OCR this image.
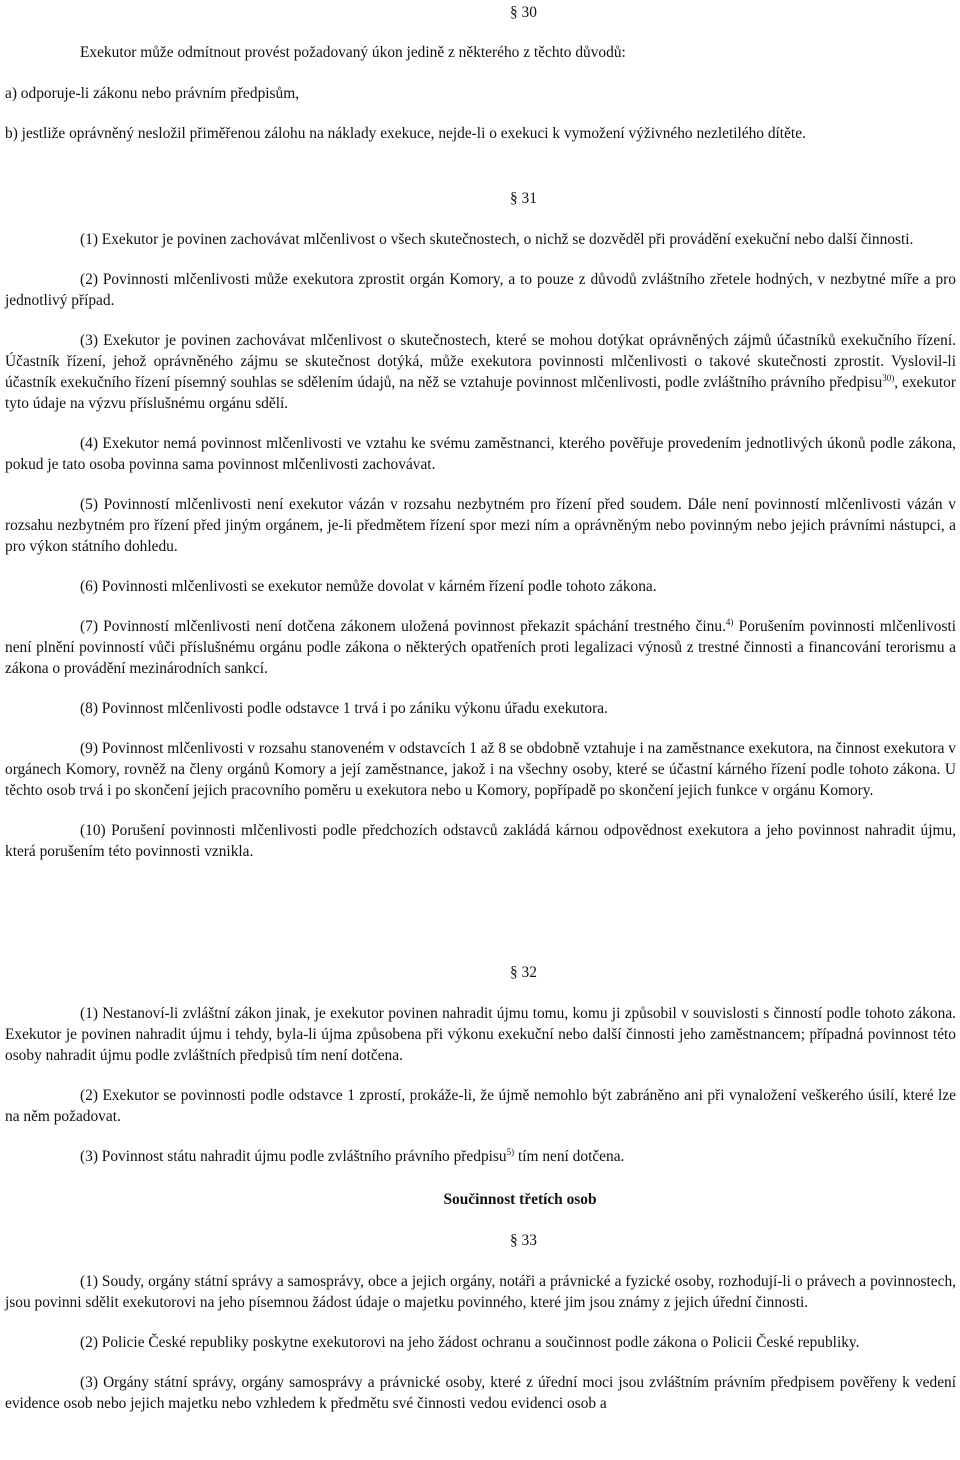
§ 30

Exekutor může odmítnout provést požadovaný úkon jedině z některého z těchto důvodů:

a) odporuje-li zákonu nebo právním předpisům,

b) jestliže oprávněný nesložil přiměřenou zálohu na náklady exekuce, nejde-li o exekuci k vymožení výživného nezletilého dítěte.

§ 31

(1) Exekutor je povinen zachovávat mlčenlivost o všech skutečnostech, o nichž se dozvěděl při provádění exekuční nebo další činnosti.

(2) Povinnosti mlčenlivosti může exekutora zprostit orgán Komory, a to pouze z důvodů zvláštního zřetele hodných, v nezbytné míře a pro jednotlivý případ.

(3) Exekutor je povinen zachovávat mlčenlivost o skutečnostech, které se mohou dotýkat oprávněných zájmů účastníků exekučního řízení. Účastník řízení, jehož oprávněného zájmu se skutečnost dotýká, může exekutora povinnosti mlčenlivosti o takové skutečnosti zprostit. Vyslovil-li účastník exekučního řízení písemný souhlas se sdělením údajů, na něž se vztahuje povinnost mlčenlivosti, podle zvláštního právního předpisu$^{30)}$, exekutor tyto údaje na výzvu příslušnému orgánu sdělí.

(4) Exekutor nemá povinnost mlčenlivosti ve vztahu ke svému zaměstnanci, kterého pověřuje provedením jednotlivých úkonů podle zákona, pokud je tato osoba povinna sama povinnost mlčenlivosti zachovávat.

(5) Povinností mlčenlivosti není exekutor vázán v rozsahu nezbytném pro řízení před soudem. Dále není povinností mlčenlivosti vázán v rozsahu nezbytném pro řízení před jiným orgánem, je-li předmětem řízení spor mezi ním a oprávněným nebo povinným nebo jejich právními nástupci, a pro výkon státního dohledu.

(6) Povinnosti mlčenlivosti se exekutor nemůže dovolat v kárném řízení podle tohoto zákona.

(7) Povinností mlčenlivosti není dotčena zákonem uložená povinnost překazit spáchání trestného činu.$^{4)}$ Porušením povinnosti mlčenlivosti není plnění povinností vůči příslušnému orgánu podle zákona o některých opatřeních proti legalizaci výnosů z trestné činnosti a financování terorismu a zákona o provádění mezinárodních sankcí.

(8) Povinnost mlčenlivosti podle odstavce 1 trvá i po zániku výkonu úřadu exekutora.

(9) Povinnost mlčenlivosti v rozsahu stanoveném v odstavcích 1 až 8 se obdobně vztahuje i na zaměstnance exekutora, na činnost exekutora v orgánech Komory, rovněž na členy orgánů Komory a její zaměstnance, jakož i na všechny osoby, které se účastní kárného řízení podle tohoto zákona. U těchto osob trvá i po skončení jejich pracovního poměru u exekutora nebo u Komory, popřípadě po skončení jejich funkce v orgánu Komory.

(10) Porušení povinnosti mlčenlivosti podle předchozích odstavců zakládá kárnou odpovědnost exekutora a jeho povinnost nahradit újmu, která porušením této povinnosti vznikla.

§ 32

(1) Nestanoví-li zvláštní zákon jinak, je exekutor povinen nahradit újmu tomu, komu ji způsobil v souvislosti s činností podle tohoto zákona. Exekutor je povinen nahradit újmu i tehdy, byla-li újma způsobena při výkonu exekuční nebo další činnosti jeho zaměstnancem; případná povinnost této osoby nahradit újmu podle zvláštních předpisů tím není dotčena.

(2) Exekutor se povinnosti podle odstavce 1 zprostí, prokáže-li, že újmě nemohlo být zabráněno ani při vynaložení veškerého úsilí, které lze na něm požadovat.

(3) Povinnost státu nahradit újmu podle zvláštního právního předpisu$^{5)}$ tím není dotčena.

Součinnost třetích osob
§ 33

(1) Soudy, orgány státní správy a samosprávy, obce a jejich orgány, notáři a právnické a fyzické osoby, rozhodují-li o právech a povinnostech, jsou povinni sdělit exekutorovi na jeho písemnou žádost údaje o majetku povinného, které jim jsou známy z jejich úřední činnosti.

(2) Policie České republiky poskytne exekutorovi na jeho žádost ochranu a součinnost podle zákona o Policii České republiky.

(3) Orgány státní správy, orgány samosprávy a právnické osoby, které z úřední moci jsou zvláštním právním předpisem pověřeny k vedení evidence osob nebo jejich majetku nebo vzhledem k předmětu své činnosti vedou evidenci osob a
